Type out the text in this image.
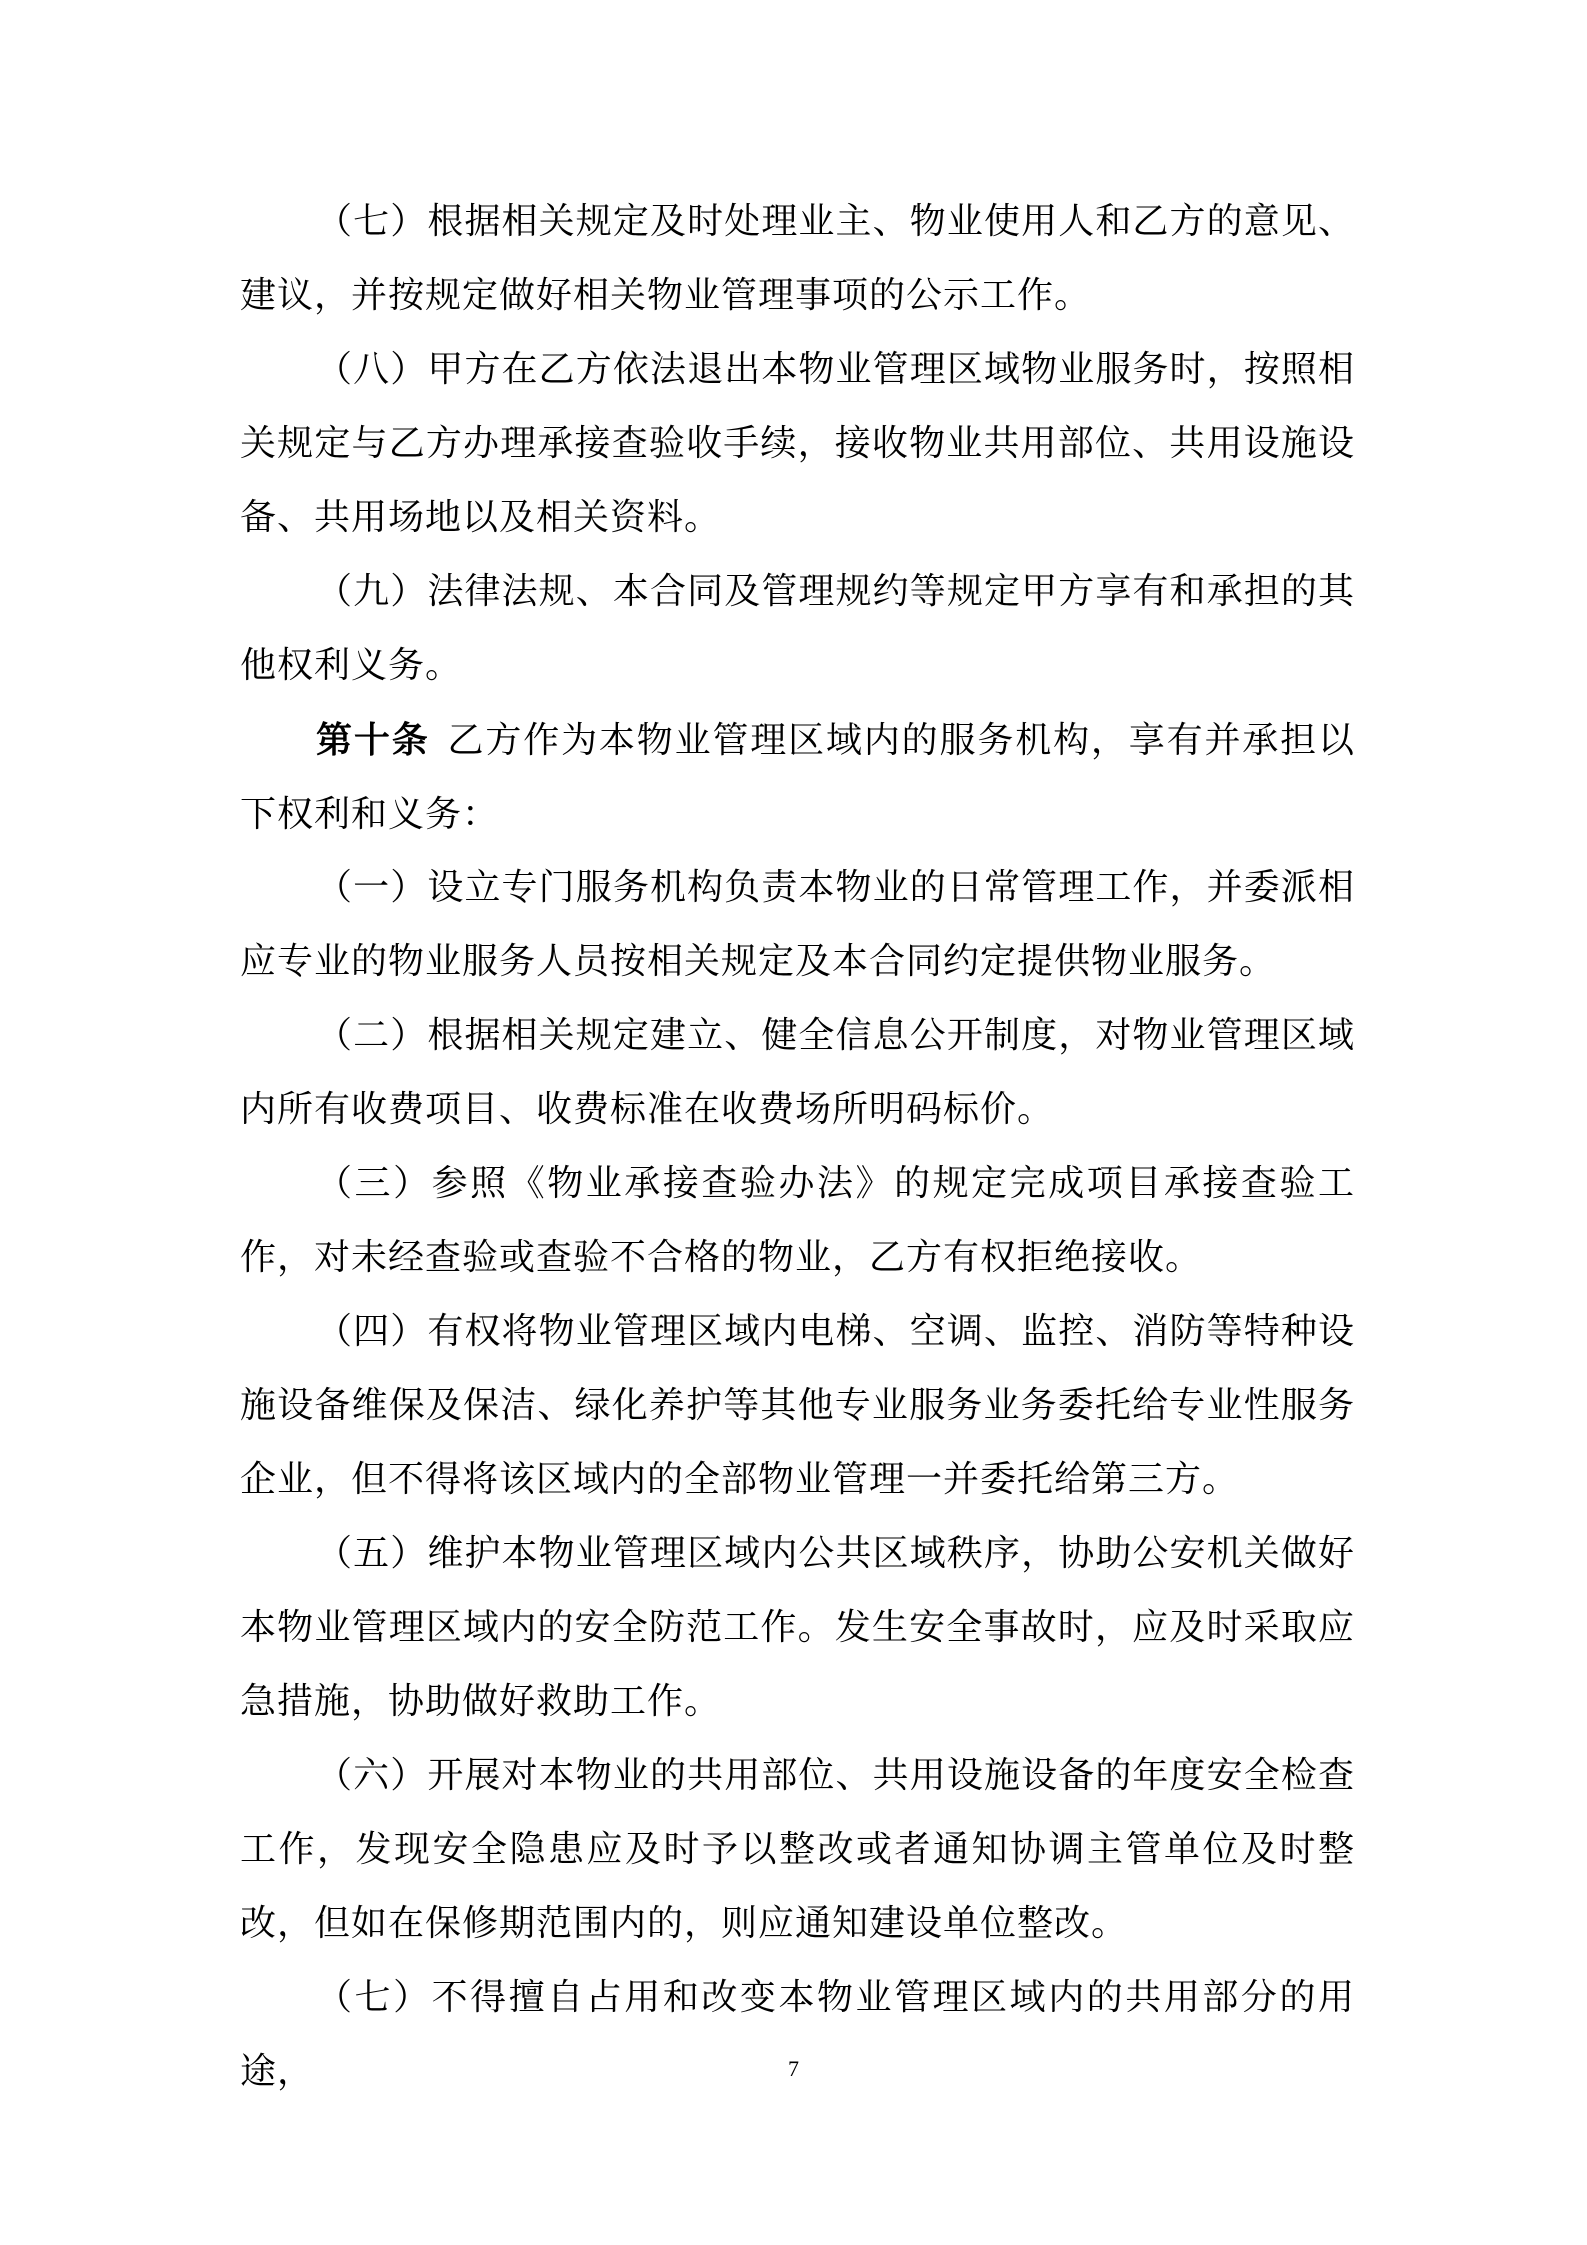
（七）根据相关规定及时处理业主、物业使用人和乙方的意见、建议，并按规定做好相关物业管理事项的公示工作。

（八）甲方在乙方依法退出本物业管理区域物业服务时，按照相关规定与乙方办理承接查验收手续，接收物业共用部位、共用设施设备、共用场地以及相关资料。

（九）法律法规、本合同及管理规约等规定甲方享有和承担的其他权利义务。

第十条 乙方作为本物业管理区域内的服务机构，享有并承担以下权利和义务：

（一）设立专门服务机构负责本物业的日常管理工作，并委派相应专业的物业服务人员按相关规定及本合同约定提供物业服务。

（二）根据相关规定建立、健全信息公开制度，对物业管理区域内所有收费项目、收费标准在收费场所明码标价。

（三）参照《物业承接查验办法》的规定完成项目承接查验工作，对未经查验或查验不合格的物业，乙方有权拒绝接收。

（四）有权将物业管理区域内电梯、空调、监控、消防等特种设施设备维保及保洁、绿化养护等其他专业服务业务委托给专业性服务企业，但不得将该区域内的全部物业管理一并委托给第三方。

（五）维护本物业管理区域内公共区域秩序，协助公安机关做好本物业管理区域内的安全防范工作。发生安全事故时，应及时采取应急措施，协助做好救助工作。

（六）开展对本物业的共用部位、共用设施设备的年度安全检查工作，发现安全隐患应及时予以整改或者通知协调主管单位及时整改，但如在保修期范围内的，则应通知建设单位整改。

（七）不得擅自占用和改变本物业管理区域内的共用部分的用途，	7
